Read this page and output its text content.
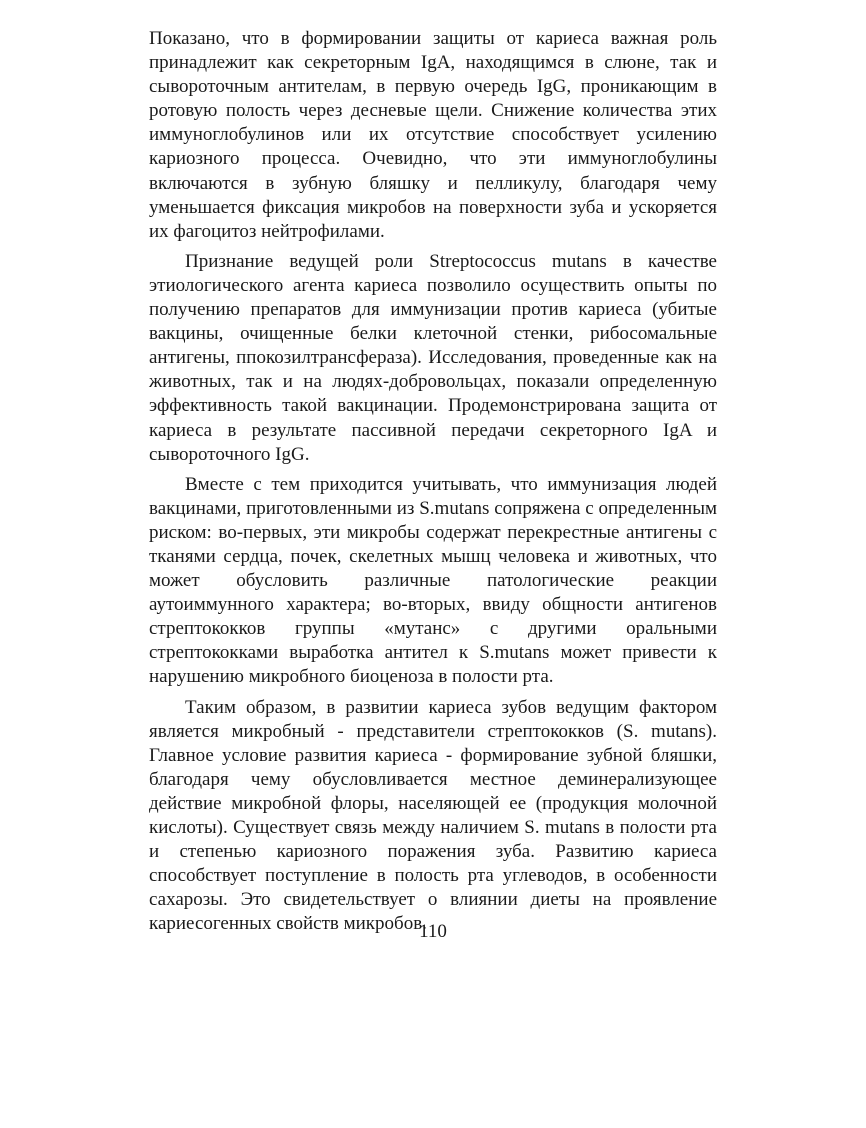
Показано, что в формировании защиты от кариеса важная роль принадлежит как секреторным IgA, находящимся в слюне, так и сывороточным антителам, в первую очередь IgG, проникающим в ротовую полость через десневые щели. Снижение количества этих иммуноглобулинов или их отсутствие способствует усилению кариозного процесса. Очевидно, что эти иммуноглобулины включаются в зубную бляшку и пелликулу, благодаря чему уменьшается фиксация микробов на поверхности зуба и ускоряется их фагоцитоз нейтрофилами.

Признание ведущей роли Streptococcus mutans в качестве этиологического агента кариеса позволило осуществить опыты по получению препаратов для иммунизации против кариеса (убитые вакцины, очищенные белки клеточной стенки, рибосомальные антигены, ппокозилтрансфераза). Исследования, проведенные как на животных, так и на людях-добровольцах, показали определенную эффективность такой вакцинации. Продемонстрирована защита от кариеса в результате пассивной передачи секреторного IgA и сывороточного IgG.

Вместе с тем приходится учитывать, что иммунизация людей вакцинами, приготовленными из S.mutans сопряжена с определенным риском: во-первых, эти микробы содержат перекрестные антигены с тканями сердца, почек, скелетных мышц человека и животных, что может обусловить различные патологические реакции аутоиммунного характера; во-вторых, ввиду общности антигенов стрептококков группы «мутанс» с другими оральными стрептококками выработка антител к S.mutans может привести к нарушению микробного биоценоза в полости рта.

Таким образом, в развитии кариеса зубов ведущим фактором является микробный - представители стрептококков (S. mutans). Главное условие развития кариеса - формирование зубной бляшки, благодаря чему обусловливается местное деминерализующее действие микробной флоры, населяющей ее (продукция молочной кислоты). Существует связь между наличием S. mutans в полости рта и степенью кариозного поражения зуба. Развитию кариеса способствует поступление в полость рта углеводов, в особенности сахарозы. Это свидетельствует о влиянии диеты на проявление кариесогенных свойств микробов.

110
